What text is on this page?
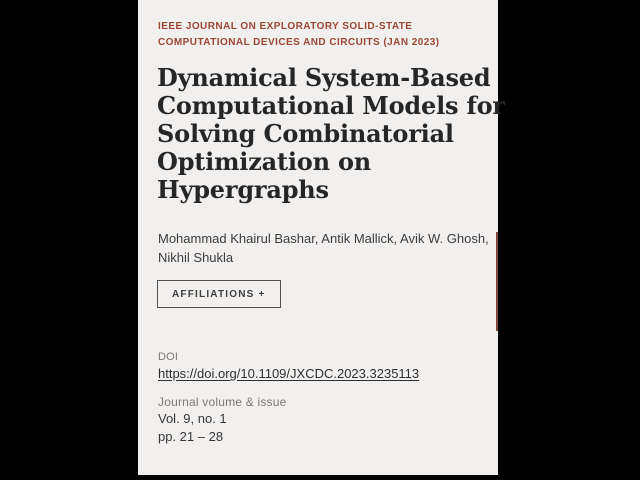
IEEE JOURNAL ON EXPLORATORY SOLID-STATE
COMPUTATIONAL DEVICES AND CIRCUITS (JAN 2023)
Dynamical System-Based
Computational Models for
Solving Combinatorial
Optimization on
Hypergraphs
Mohammad Khairul Bashar, Antik Mallick, Avik W. Ghosh,
Nikhil Shukla
AFFILIATIONS +
DOI
https://doi.org/10.1109/JXCDC.2023.3235113
Journal volume & issue
Vol. 9, no. 1
pp. 21 – 28
